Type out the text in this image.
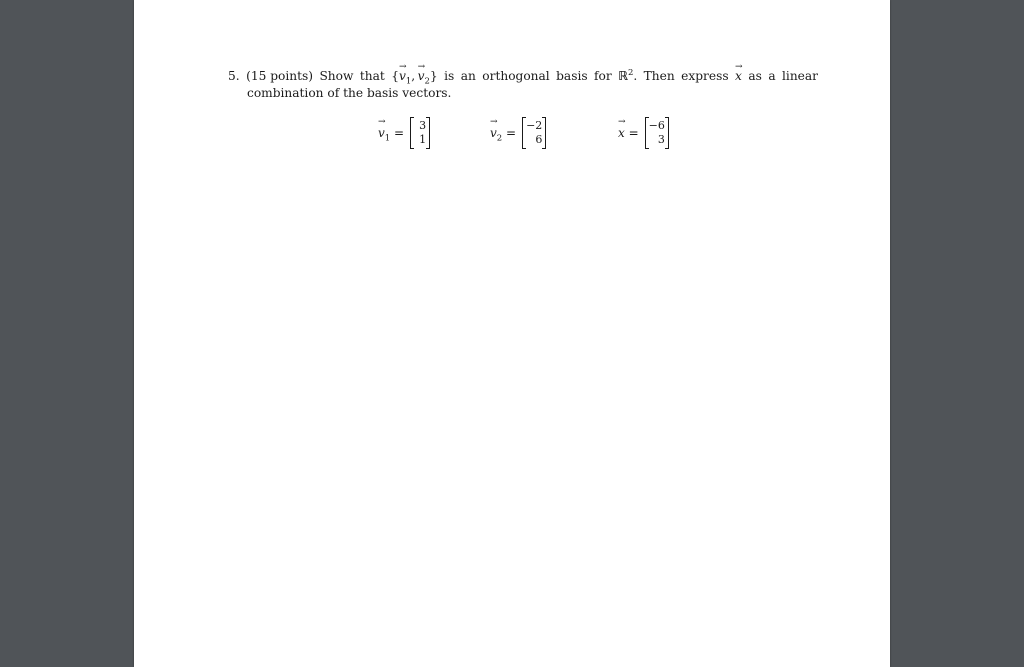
5. (15 points) Show that {→ $v_1$,  → $v_2$} is an orthogonal basis for ℝ$^2$. Then express → x as a linear
combination of the basis vectors.
→ $v_1$ =
3
1	→ $v_2$ =
−2
6	→ x =
−6
3
